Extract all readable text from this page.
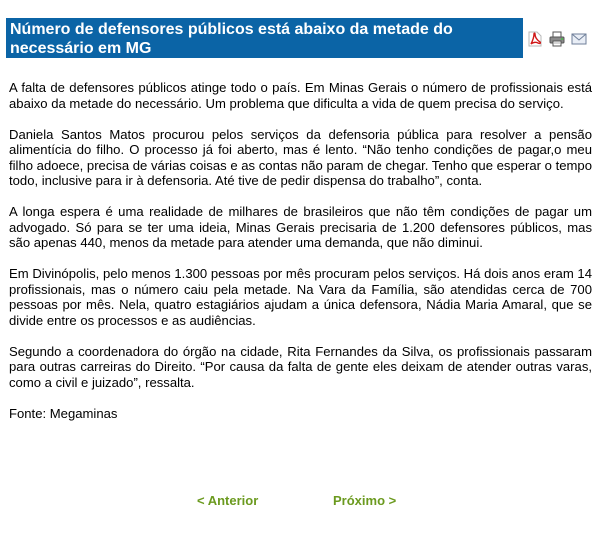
Número de defensores públicos está abaixo da metade do necessário em MG

A falta de defensores públicos atinge todo o país. Em Minas Gerais o número de profissionais está abaixo da metade do necessário. Um problema que dificulta a vida de quem precisa do serviço.

Daniela Santos Matos procurou pelos serviços da defensoria pública para resolver a pensão alimentícia do filho. O processo já foi aberto, mas é lento. “Não tenho condições de pagar,o meu filho adoece, precisa de várias coisas e as contas não param de chegar. Tenho que esperar o tempo todo, inclusive para ir à defensoria. Até tive de pedir dispensa do trabalho”, conta.

A longa espera é uma realidade de milhares de brasileiros que não têm condições de pagar um advogado. Só para se ter uma ideia, Minas Gerais precisaria de 1.200 defensores públicos, mas são apenas 440, menos da metade para atender uma demanda, que não diminui.

Em Divinópolis, pelo menos 1.300 pessoas por mês procuram pelos serviços. Há dois anos eram 14 profissionais, mas o número caiu pela metade. Na Vara da Família, são atendidas cerca de 700 pessoas por mês. Nela, quatro estagiários ajudam a única defensora, Nádia Maria Amaral, que se divide entre os processos e as audiências.

Segundo a coordenadora do órgão na cidade, Rita Fernandes da Silva, os profissionais passaram para outras carreiras do Direito. “Por causa da falta de gente eles deixam de atender outras varas, como a civil e juizado”, ressalta.

Fonte: Megaminas

< Anterior	Próximo >
